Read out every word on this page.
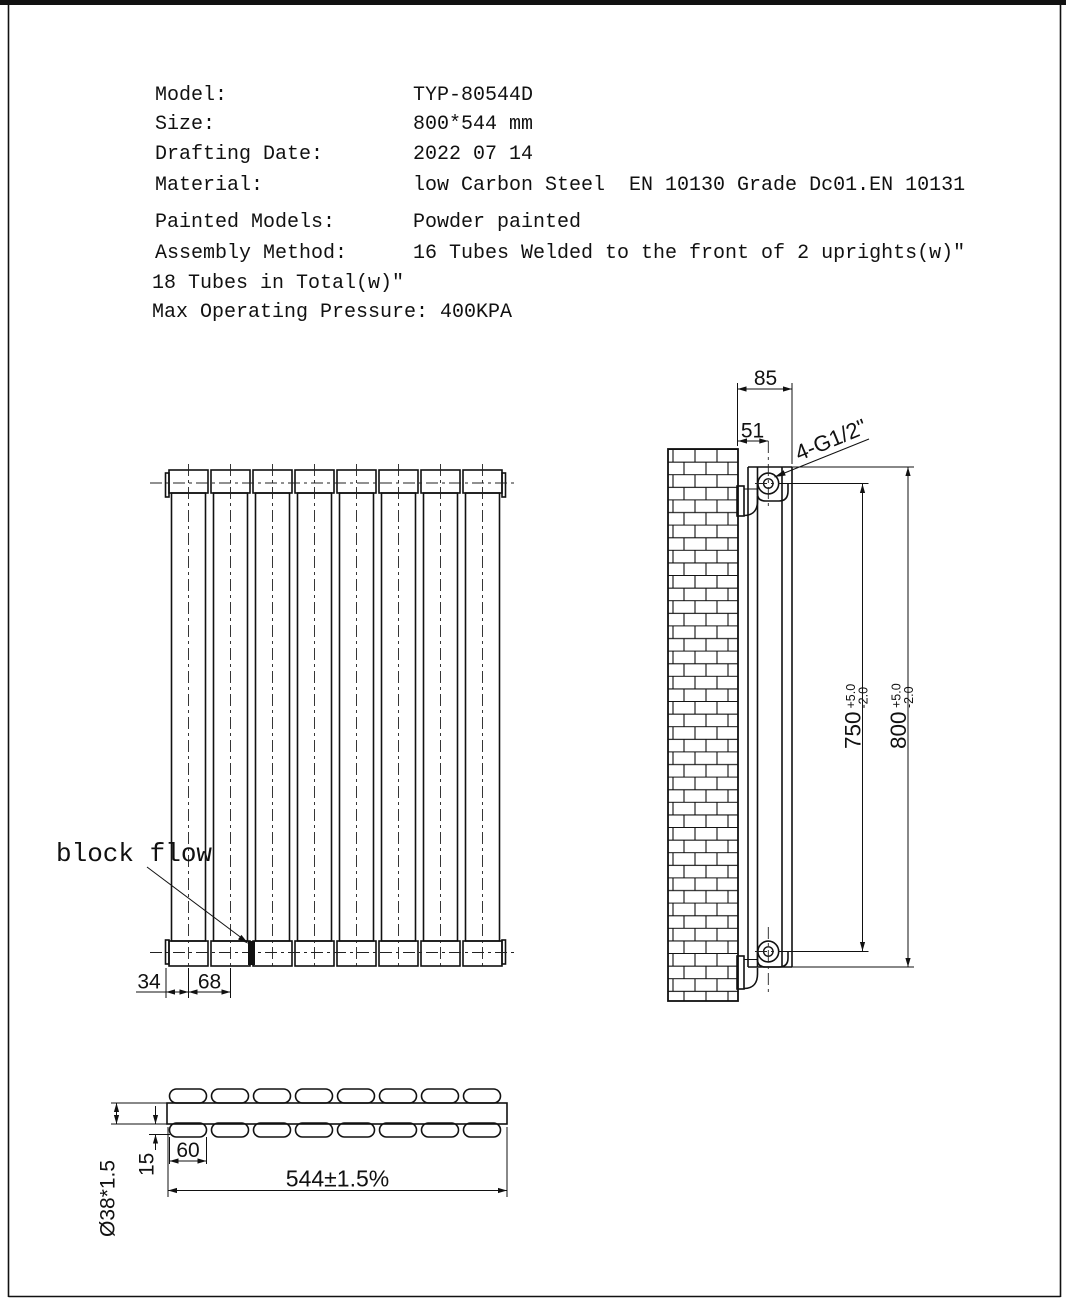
Model:	TYP-80544D
Size:	800*544 mm
Drafting Date:	2022 07 14
Material:	low Carbon Steel  EN 10130 Grade Dc01.EN 10131
Painted Models:	Powder painted
Assembly Method:	16 Tubes Welded to the front of 2 uprights(w)″
18 Tubes in Total(w)″
Max Operating Pressure: 400KPA
block flow
34 68
85
51 4-G1/2"
750
+5.0
-2.0
800
+5.0
-2.0
Ø38*1.5 15
60
544±1.5%
